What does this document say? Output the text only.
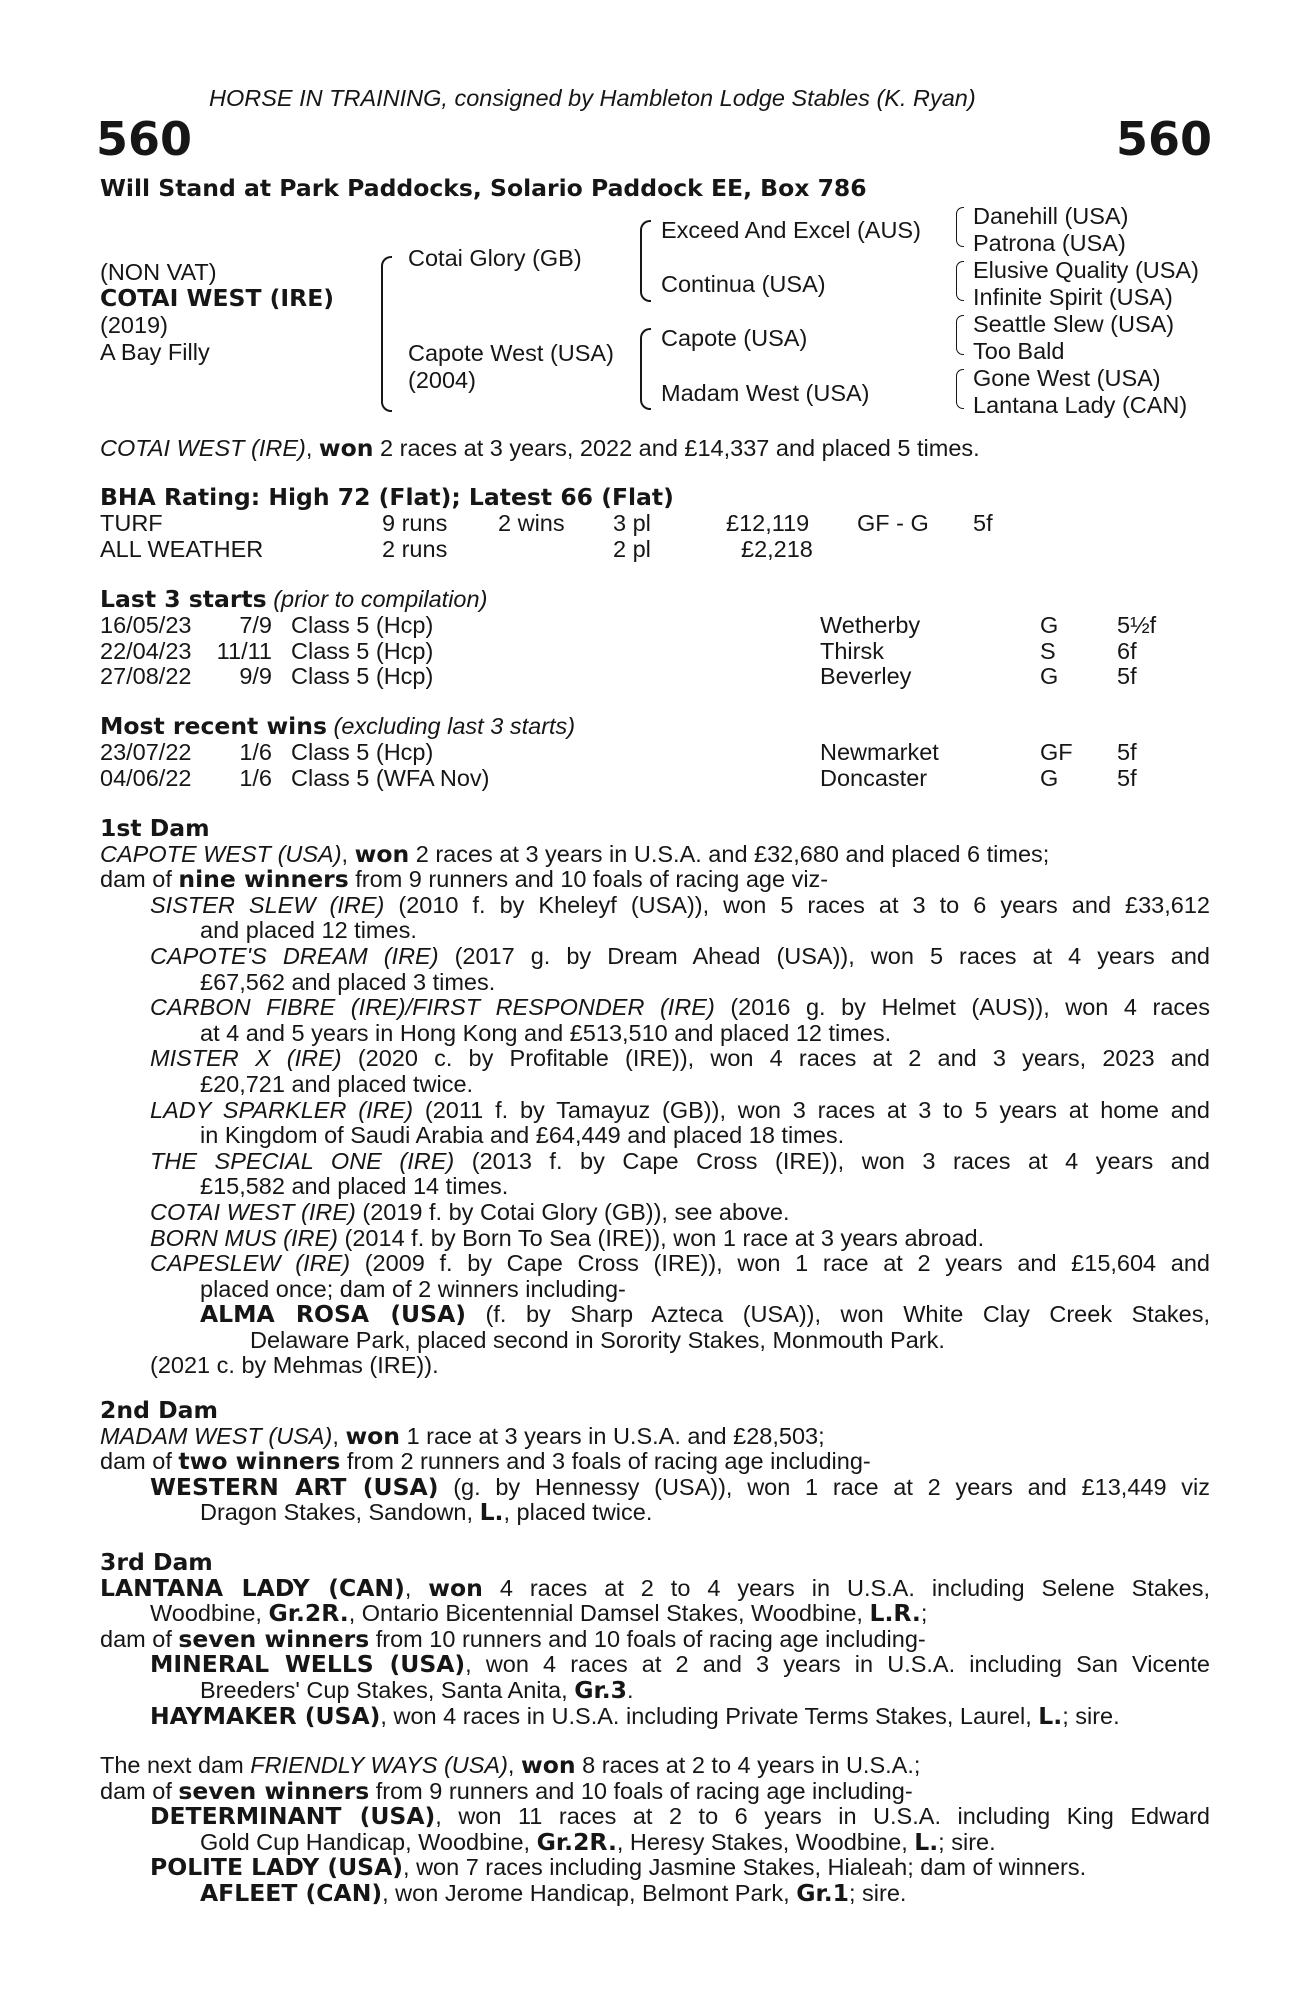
HORSE IN TRAINING, consigned by Hambleton Lodge Stables (K. Ryan)
560	560
Will Stand at Park Paddocks, Solario Paddock EE, Box 786
(NON VAT)
COTAI WEST (IRE)
(2019)
A Bay Filly
Cotai Glory (GB)
Capote West (USA)
(2004)
Exceed And Excel (AUS)
Continua (USA)
Capote (USA)
Madam West (USA)
Danehill (USA)
Patrona (USA)
Elusive Quality (USA)
Infinite Spirit (USA)
Seattle Slew (USA)
Too Bald
Gone West (USA)
Lantana Lady (CAN)
COTAI WEST (IRE), won 2 races at 3 years, 2022 and £14,337 and placed 5 times.
BHA Rating: High 72 (Flat); Latest 66 (Flat)
TURF	9 runs 2 wins 3 pl	£12,119 GF - G 5f
ALL WEATHER	2 runs	2 pl	£2,218
Last 3 starts (prior to compilation)
16/05/23	7/9 Class 5 (Hcp)	Wetherby	G 5½f
22/04/23	11/11 Class 5 (Hcp)	Thirsk	S	6f
27/08/22	9/9 Class 5 (Hcp)	Beverley	G 5f
Most recent wins (excluding last 3 starts)
23/07/22	1/6 Class 5 (Hcp)	Newmarket	GF 5f
04/06/22	1/6 Class 5 (WFA Nov)	Doncaster	G 5f
1st Dam
CAPOTE WEST (USA), won 2 races at 3 years in U.S.A. and £32,680 and placed 6 times;
dam of nine winners from 9 runners and 10 foals of racing age viz-
SISTER SLEW (IRE) (2010 f. by Kheleyf (USA)), won 5 races at 3 to 6 years and £33,612
and placed 12 times.
CAPOTE'S DREAM (IRE) (2017 g. by Dream Ahead (USA)), won 5 races at 4 years and
£67,562 and placed 3 times.
CARBON FIBRE (IRE)/FIRST RESPONDER (IRE) (2016 g. by Helmet (AUS)), won 4 races
at 4 and 5 years in Hong Kong and £513,510 and placed 12 times.
MISTER X (IRE) (2020 c. by Profitable (IRE)), won 4 races at 2 and 3 years, 2023 and
£20,721 and placed twice.
LADY SPARKLER (IRE) (2011 f. by Tamayuz (GB)), won 3 races at 3 to 5 years at home and
in Kingdom of Saudi Arabia and £64,449 and placed 18 times.
THE SPECIAL ONE (IRE) (2013 f. by Cape Cross (IRE)), won 3 races at 4 years and
£15,582 and placed 14 times.
COTAI WEST (IRE) (2019 f. by Cotai Glory (GB)), see above.
BORN MUS (IRE) (2014 f. by Born To Sea (IRE)), won 1 race at 3 years abroad.
CAPESLEW (IRE) (2009 f. by Cape Cross (IRE)), won 1 race at 2 years and £15,604 and
placed once; dam of 2 winners including-
ALMA ROSA (USA) (f. by Sharp Azteca (USA)), won White Clay Creek Stakes,
Delaware Park, placed second in Sorority Stakes, Monmouth Park.
(2021 c. by Mehmas (IRE)).
2nd Dam
MADAM WEST (USA), won 1 race at 3 years in U.S.A. and £28,503;
dam of two winners from 2 runners and 3 foals of racing age including-
WESTERN ART (USA) (g. by Hennessy (USA)), won 1 race at 2 years and £13,449 viz
Dragon Stakes, Sandown, L., placed twice.
3rd Dam
LANTANA LADY (CAN), won 4 races at 2 to 4 years in U.S.A. including Selene Stakes,
Woodbine, Gr.2R., Ontario Bicentennial Damsel Stakes, Woodbine, L.R.;
dam of seven winners from 10 runners and 10 foals of racing age including-
MINERAL WELLS (USA), won 4 races at 2 and 3 years in U.S.A. including San Vicente
Breeders' Cup Stakes, Santa Anita, Gr.3.
HAYMAKER (USA), won 4 races in U.S.A. including Private Terms Stakes, Laurel, L.; sire.
The next dam FRIENDLY WAYS (USA), won 8 races at 2 to 4 years in U.S.A.;
dam of seven winners from 9 runners and 10 foals of racing age including-
DETERMINANT (USA), won 11 races at 2 to 6 years in U.S.A. including King Edward
Gold Cup Handicap, Woodbine, Gr.2R., Heresy Stakes, Woodbine, L.; sire.
POLITE LADY (USA), won 7 races including Jasmine Stakes, Hialeah; dam of winners.
AFLEET (CAN), won Jerome Handicap, Belmont Park, Gr.1; sire.
